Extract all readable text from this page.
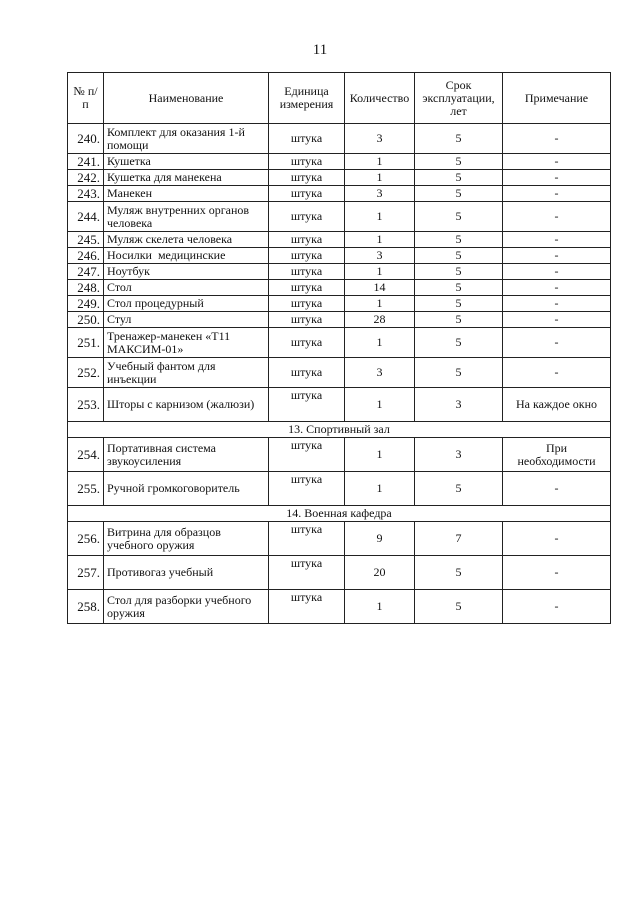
11
№ п/п	Наименование	Единица измерения	Количество	Срок эксплуатации, лет	Примечание
240.	Комплект для оказания 1-й помощи	штука	3	5	-
241.	Кушетка	штука	1	5	-
242.	Кушетка для манекена	штука	1	5	-
243.	Манекен	штука	3	5	-
244.	Муляж внутренних органов человека	штука	1	5	-
245.	Муляж скелета человека	штука	1	5	-
246.	Носилки  медицинские	штука	3	5	-
247.	Ноутбук	штука	1	5	-
248.	Стол	штука	14	5	-
249.	Стол процедурный	штука	1	5	-
250.	Стул	штука	28	5	-
251.	Тренажер-манекен «Т11 МАКСИМ-01»	штука	1	5	-
252.	Учебный фантом для инъекции	штука	3	5	-
253.	Шторы с карнизом (жалюзи)	штука	1	3	На каждое окно
13. Спортивный зал					
254.	Портативная система звукоусиления	штука	1	3	При необходимости
255.	Ручной громкоговоритель	штука	1	5	-
14. Военная кафедра					
256.	Витрина для образцов учебного оружия	штука	9	7	-
257.	Противогаз учебный	штука	20	5	-
258.	Стол для разборки учебного оружия	штука	1	5	-
